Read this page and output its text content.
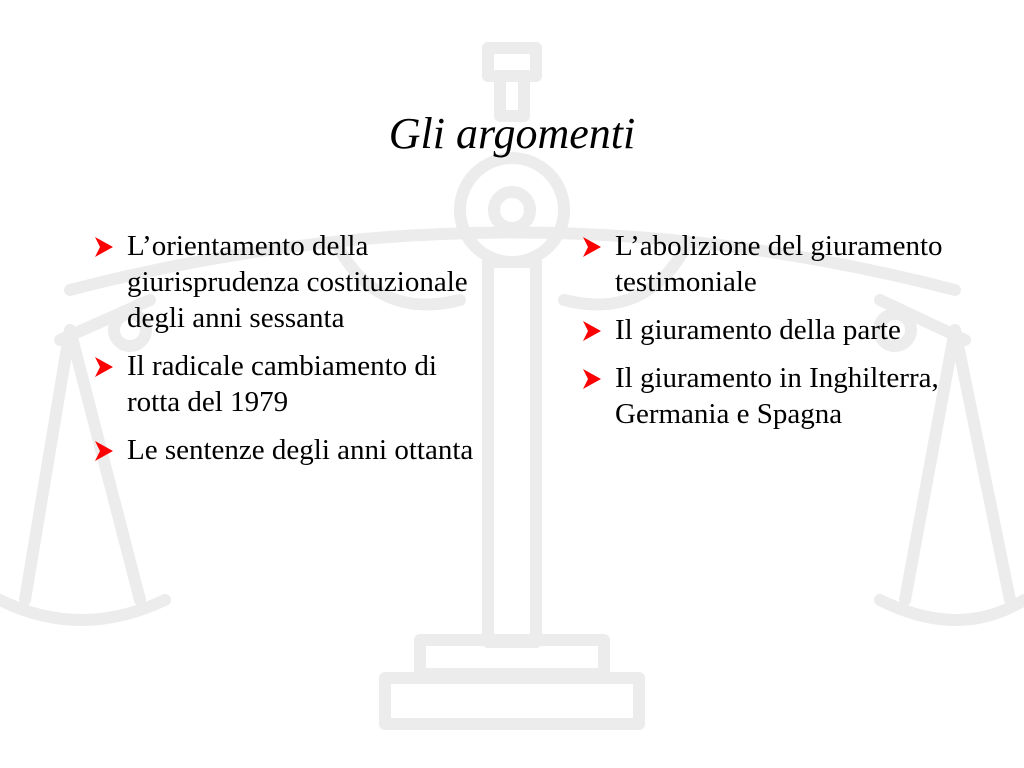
Gli argomenti
L’orientamento della giurisprudenza costituzionale degli anni sessanta
Il radicale cambiamento di rotta del 1979
Le sentenze degli anni ottanta
L’abolizione del giuramento testimoniale
Il giuramento della parte
Il giuramento in Inghilterra, Germania e Spagna
